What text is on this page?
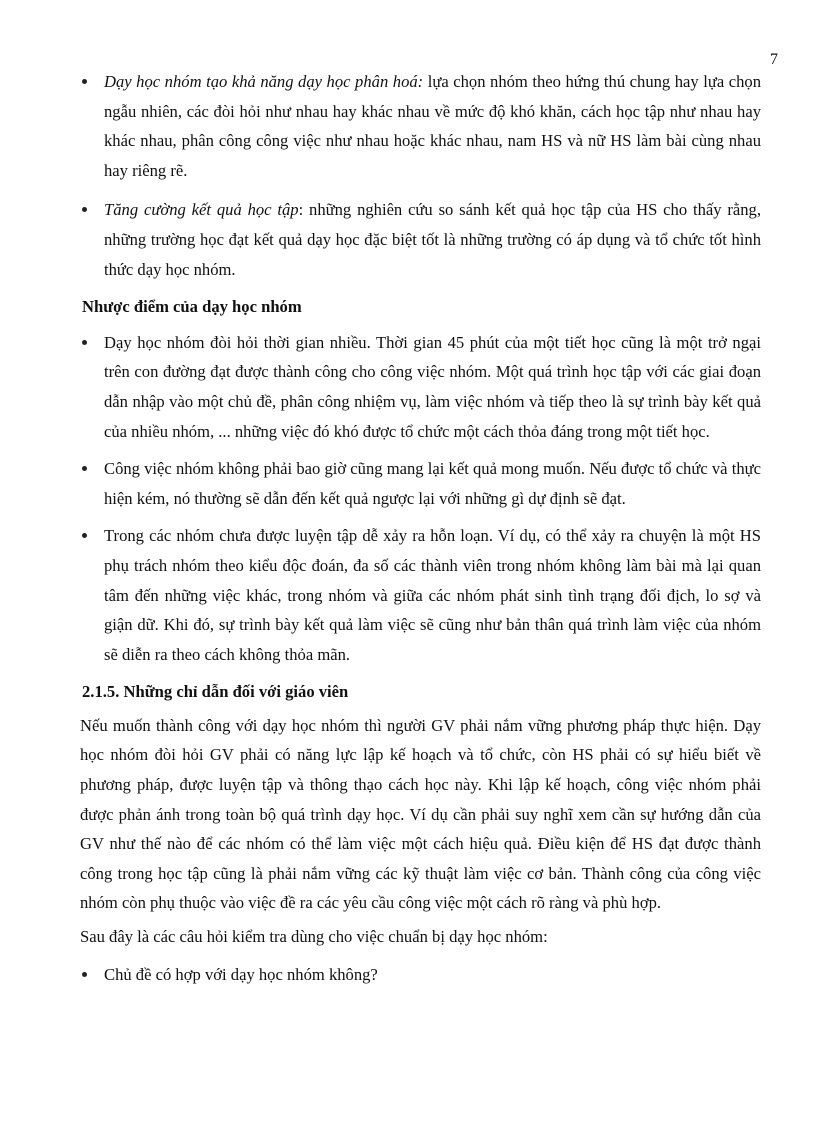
7
Dạy học nhóm tạo khả năng dạy học phân hoá: lựa chọn nhóm theo hứng thú chung hay lựa chọn ngẫu nhiên, các đòi hỏi như nhau hay khác nhau về mức độ khó khăn, cách học tập như nhau hay khác nhau, phân công công việc như nhau hoặc khác nhau, nam HS và nữ HS làm bài cùng nhau hay riêng rẽ.
Tăng cường kết quả học tập: những nghiên cứu so sánh kết quả học tập của HS cho thấy rằng, những trường học đạt kết quả dạy học đặc biệt tốt là những trường có áp dụng và tổ chức tốt hình thức dạy học nhóm.
Nhược điểm của dạy học nhóm
Dạy học nhóm đòi hỏi thời gian nhiều. Thời gian 45 phút của một tiết học cũng là một trở ngại trên con đường đạt được thành công cho công việc nhóm. Một quá trình học tập với các giai đoạn dẫn nhập vào một chủ đề, phân công nhiệm vụ, làm việc nhóm và tiếp theo là sự trình bày kết quả của nhiều nhóm, ... những việc đó khó được tổ chức một cách thỏa đáng trong một tiết học.
Công việc nhóm không phải bao giờ cũng mang lại kết quả mong muốn. Nếu được tổ chức và thực hiện kém, nó thường sẽ dẫn đến kết quả ngược lại với những gì dự định sẽ đạt.
Trong các nhóm chưa được luyện tập dễ xảy ra hỗn loạn. Ví dụ, có thể xảy ra chuyện là một HS phụ trách nhóm theo kiểu độc đoán, đa số các thành viên trong nhóm không làm bài mà lại quan tâm đến những việc khác, trong nhóm và giữa các nhóm phát sinh tình trạng đối địch, lo sợ và giận dữ. Khi đó, sự trình bày kết quả làm việc sẽ cũng như bản thân quá trình làm việc của nhóm sẽ diễn ra theo cách không thỏa mãn.
2.1.5. Những chỉ dẫn đối với giáo viên

Nếu muốn thành công với dạy học nhóm thì người GV phải nắm vững phương pháp thực hiện. Dạy học nhóm đòi hỏi GV phải có năng lực lập kế hoạch và tổ chức, còn HS phải có sự hiểu biết về phương pháp, được luyện tập và thông thạo cách học này. Khi lập kế hoạch, công việc nhóm phải được phản ánh trong toàn bộ quá trình dạy học. Ví dụ cần phải suy nghĩ xem cần sự hướng dẫn của GV như thế nào để các nhóm có thể làm việc một cách hiệu quả. Điều kiện để HS đạt được thành công trong học tập cũng là phải nắm vững các kỹ thuật làm việc cơ bản. Thành công của công việc nhóm còn phụ thuộc vào việc đề ra các yêu cầu công việc một cách rõ ràng và phù hợp.

Sau đây là các câu hỏi kiểm tra dùng cho việc chuẩn bị dạy học nhóm:

Chủ đề có hợp với dạy học nhóm không?
